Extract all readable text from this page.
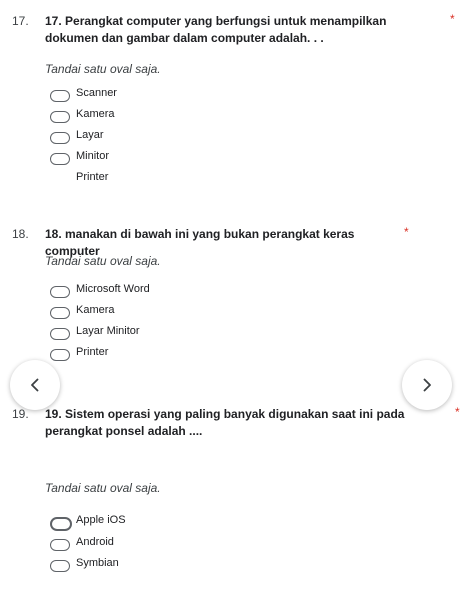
17. 17. Perangkat computer yang berfungsi untuk menampilkan dokumen dan gambar dalam computer adalah. . .
*
Tandai satu oval saja.
Scanner
Kamera
Layar
Minitor
Printer
18. 18. manakan di bawah ini yang bukan perangkat keras computer
*
Tandai satu oval saja.
Microsoft Word
Kamera
Layar Minitor
Printer
19. 19. Sistem operasi yang paling banyak digunakan saat ini pada perangkat ponsel adalah ....
*
Tandai satu oval saja.
Apple iOS
Android
Symbian
